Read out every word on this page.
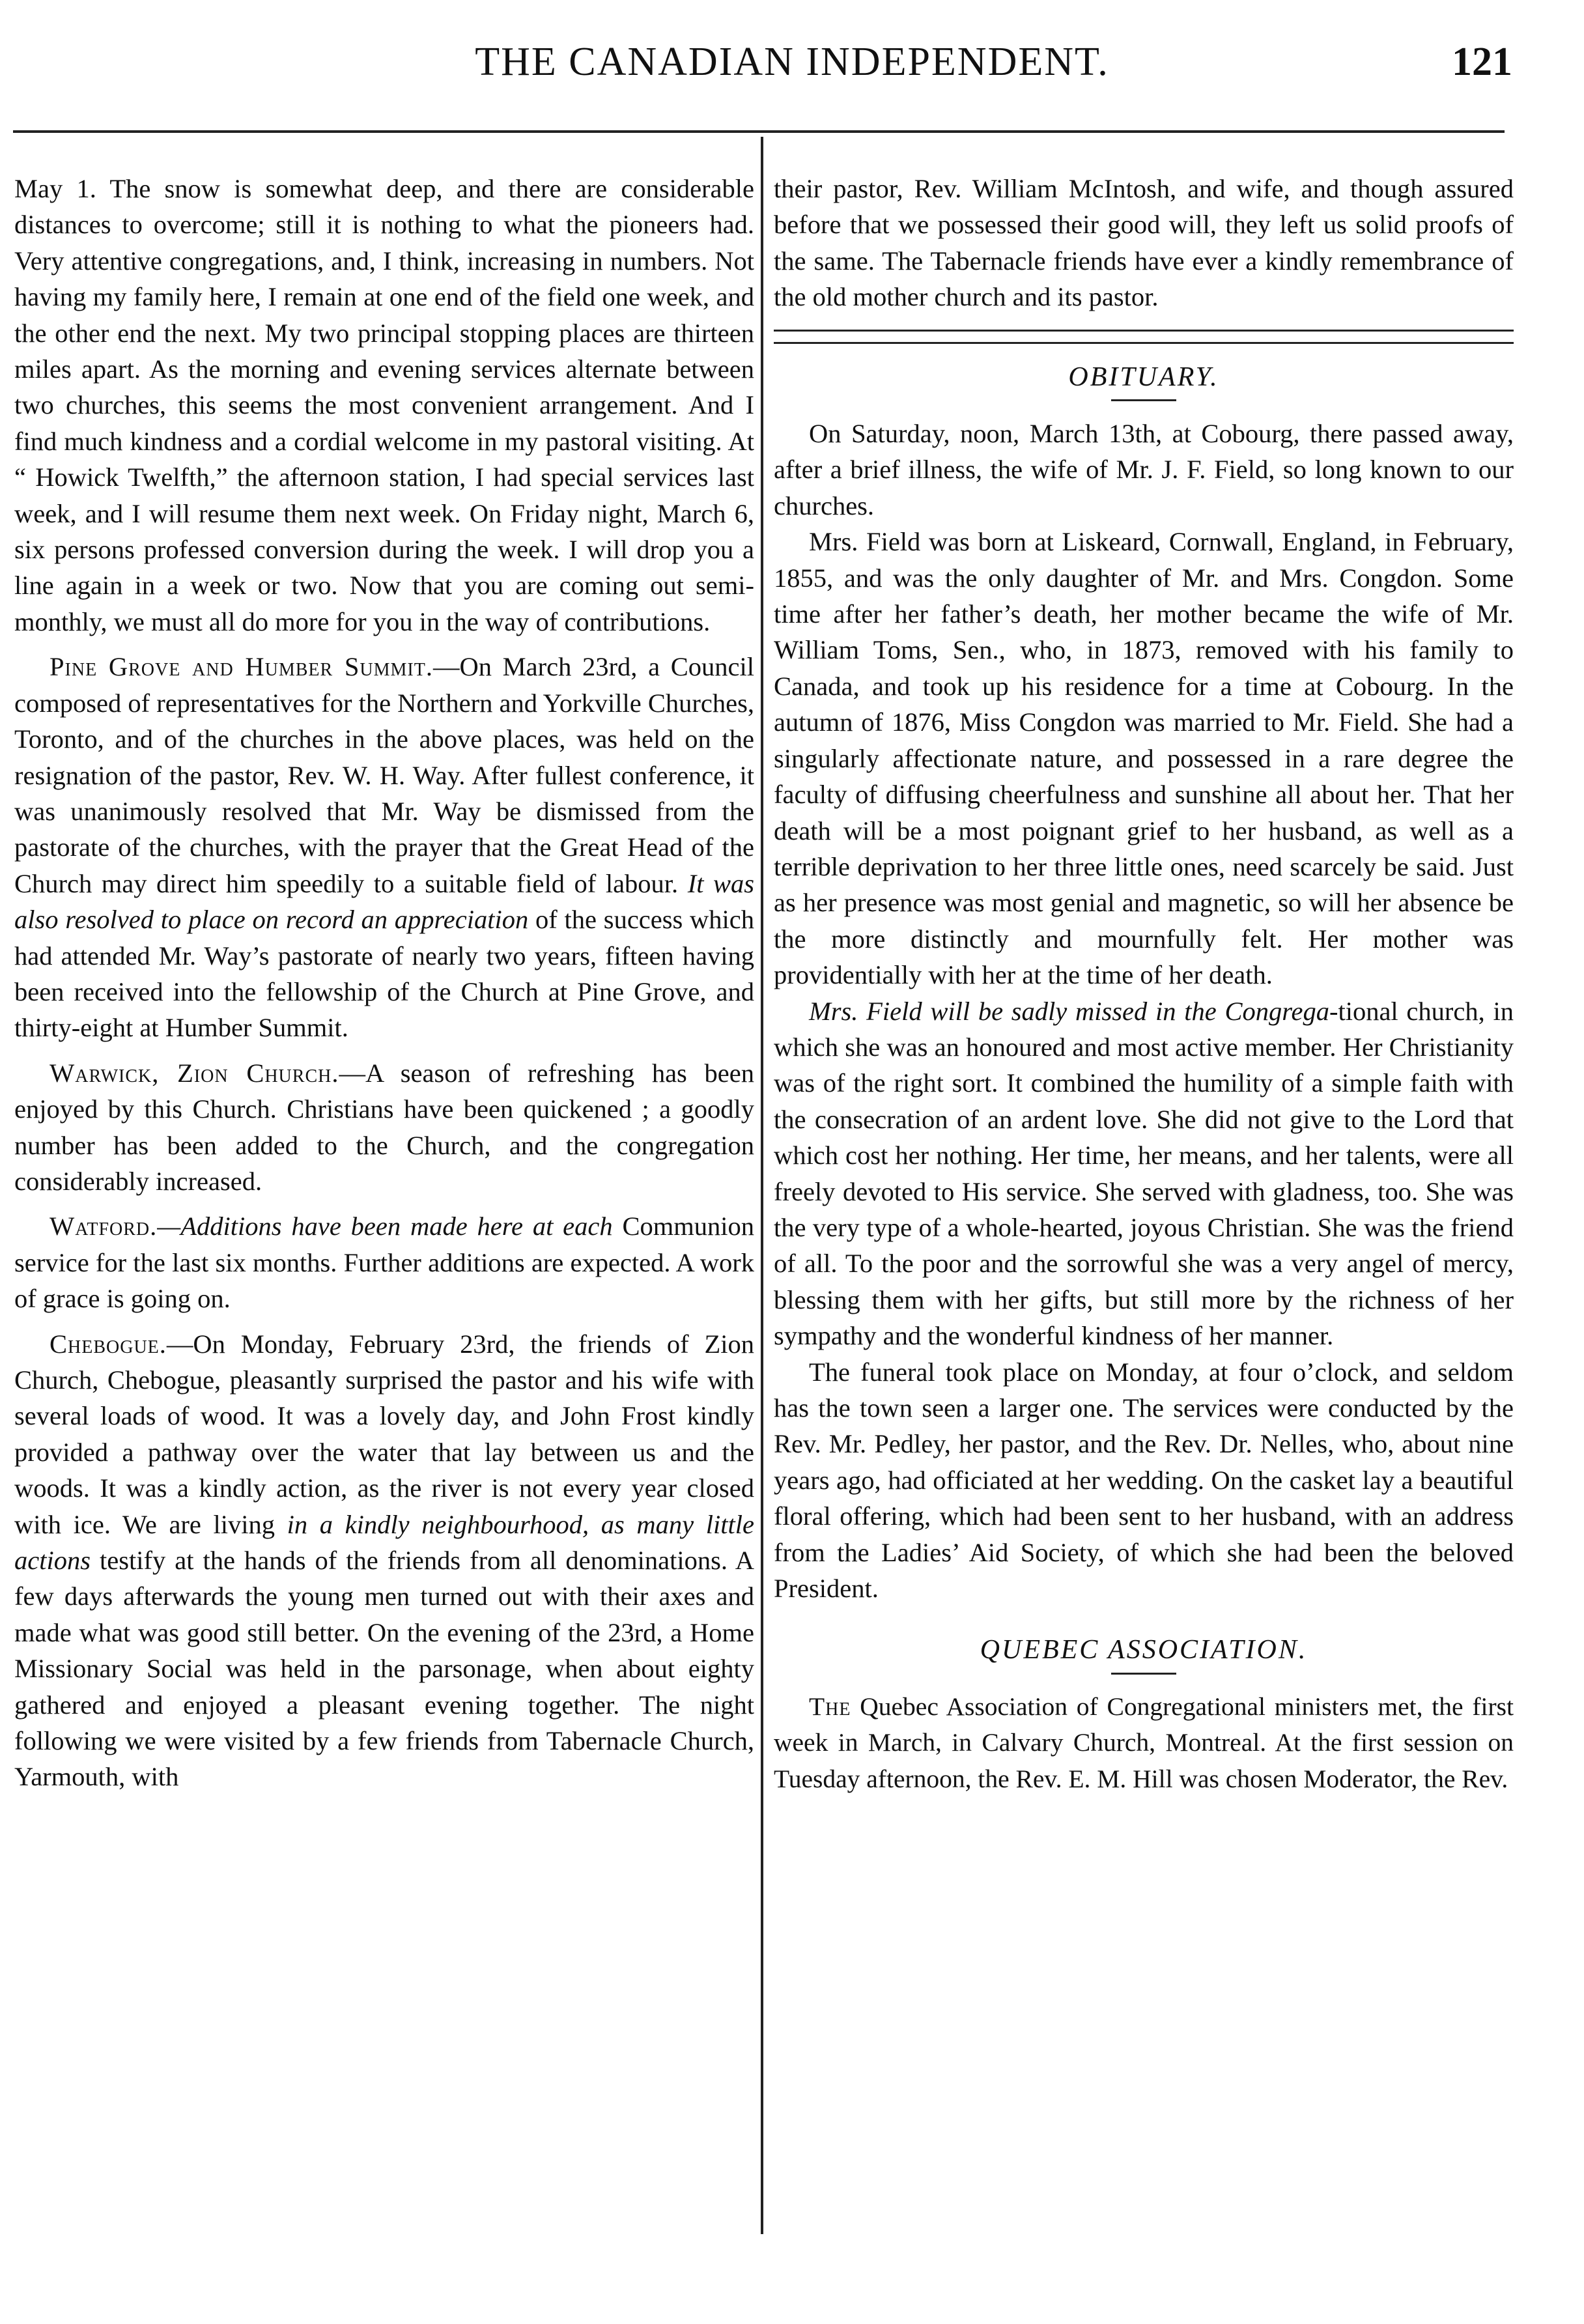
THE CANADIAN INDEPENDENT.	121

May 1. The snow is somewhat deep, and there are considerable distances to overcome; still it is nothing to what the pioneers had. Very attentive congregations, and, I think, increasing in numbers. Not having my family here, I remain at one end of the field one week, and the other end the next. My two principal stopping places are thirteen miles apart. As the morning and evening services alternate between two churches, this seems the most convenient arrangement. And I find much kindness and a cordial welcome in my pastoral visiting. At “ Howick Twelfth,” the afternoon station, I had special services last week, and I will resume them next week. On Friday night, March 6, six persons professed conversion during the week. I will drop you a line again in a week or two. Now that you are coming out semi-monthly, we must all do more for you in the way of contributions.

Pine Grove and Humber Summit.—On March 23rd, a Council composed of representatives for the Northern and Yorkville Churches, Toronto, and of the churches in the above places, was held on the resignation of the pastor, Rev. W. H. Way. After fullest conference, it was unanimously resolved that Mr. Way be dismissed from the pastorate of the churches, with the prayer that the Great Head of the Church may direct him speedily to a suitable field of labour. It was also resolved to place on record an appreciation of the success which had attended Mr. Way’s pastorate of nearly two years, fifteen having been received into the fellowship of the Church at Pine Grove, and thirty-eight at Humber Summit.

Warwick, Zion Church.—A season of refreshing has been enjoyed by this Church. Christians have been quickened ; a goodly number has been added to the Church, and the congregation considerably increased.

Watford.—Additions have been made here at each Communion service for the last six months. Further additions are expected. A work of grace is going on.

Chebogue.—On Monday, February 23rd, the friends of Zion Church, Chebogue, pleasantly surprised the pastor and his wife with several loads of wood. It was a lovely day, and John Frost kindly provided a pathway over the water that lay between us and the woods. It was a kindly action, as the river is not every year closed with ice. We are living in a kindly neighbourhood, as many little actions testify at the hands of the friends from all denominations. A few days afterwards the young men turned out with their axes and made what was good still better. On the evening of the 23rd, a Home Missionary Social was held in the parsonage, when about eighty gathered and enjoyed a pleasant evening together. The night following we were visited by a few friends from Tabernacle Church, Yarmouth, with

their pastor, Rev. William McIntosh, and wife, and though assured before that we possessed their good will, they left us solid proofs of the same. The Tabernacle friends have ever a kindly remembrance of the old mother church and its pastor.

OBITUARY.

On Saturday, noon, March 13th, at Cobourg, there passed away, after a brief illness, the wife of Mr. J. F. Field, so long known to our churches.

Mrs. Field was born at Liskeard, Cornwall, England, in February, 1855, and was the only daughter of Mr. and Mrs. Congdon. Some time after her father’s death, her mother became the wife of Mr. William Toms, Sen., who, in 1873, removed with his family to Canada, and took up his residence for a time at Cobourg. In the autumn of 1876, Miss Congdon was married to Mr. Field. She had a singularly affectionate nature, and possessed in a rare degree the faculty of diffusing cheerfulness and sunshine all about her. That her death will be a most poignant grief to her husband, as well as a terrible deprivation to her three little ones, need scarcely be said. Just as her presence was most genial and magnetic, so will her absence be the more distinctly and mournfully felt. Her mother was providentially with her at the time of her death.

Mrs. Field will be sadly missed in the Congrega-tional church, in which she was an honoured and most active member. Her Christianity was of the right sort. It combined the humility of a simple faith with the consecration of an ardent love. She did not give to the Lord that which cost her nothing. Her time, her means, and her talents, were all freely devoted to His service. She served with gladness, too. She was the very type of a whole-hearted, joyous Christian. She was the friend of all. To the poor and the sorrowful she was a very angel of mercy, blessing them with her gifts, but still more by the richness of her sympathy and the wonderful kindness of her manner.

The funeral took place on Monday, at four o’clock, and seldom has the town seen a larger one. The services were conducted by the Rev. Mr. Pedley, her pastor, and the Rev. Dr. Nelles, who, about nine years ago, had officiated at her wedding. On the casket lay a beautiful floral offering, which had been sent to her husband, with an address from the Ladies’ Aid Society, of which she had been the beloved President.

QUEBEC ASSOCIATION.

The Quebec Association of Congregational ministers met, the first week in March, in Calvary Church, Montreal. At the first session on Tuesday afternoon, the Rev. E. M. Hill was chosen Moderator, the Rev.
